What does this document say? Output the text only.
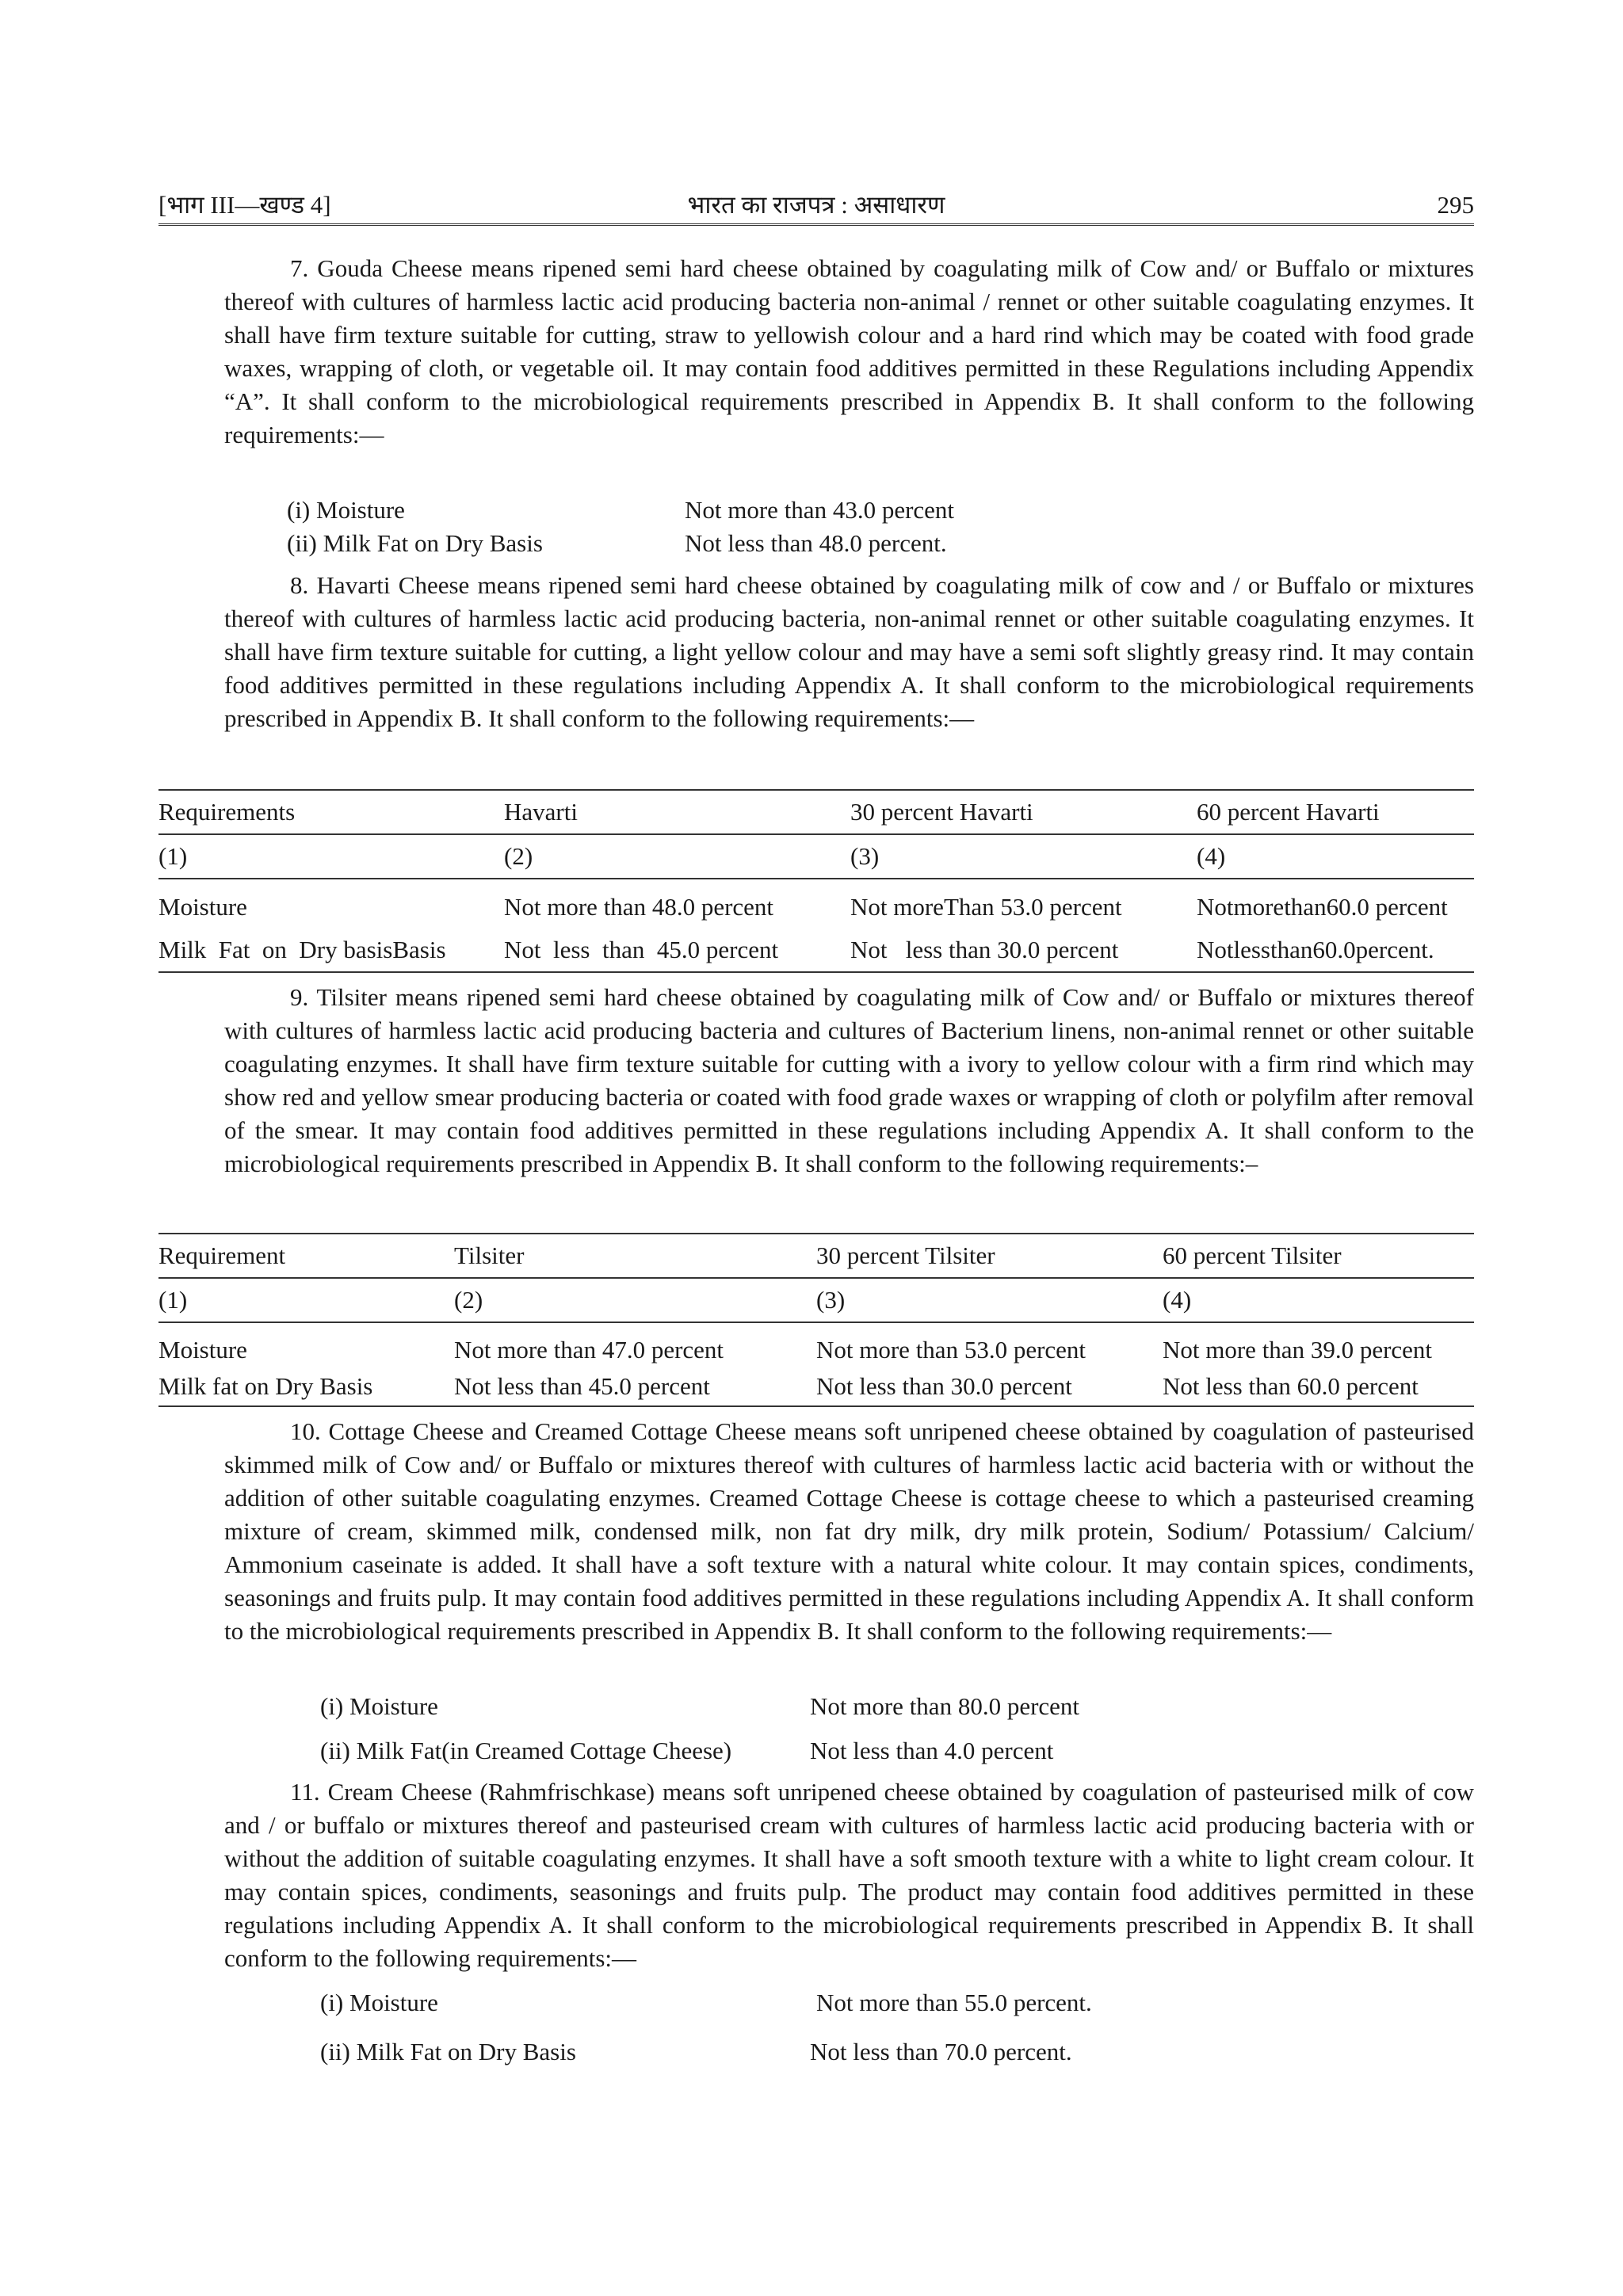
[भाग III—खण्ड 4]	भारत का राजपत्र : असाधारण	295

7. Gouda Cheese means ripened semi hard cheese obtained by coagulating milk of Cow and/ or Buffalo or mixtures thereof with cultures of harmless lactic acid producing bacteria non-animal / rennet or other suitable coagulating enzymes. It shall have firm texture suitable for cutting, straw to yellowish colour and a hard rind which may be coated with food grade waxes, wrapping of cloth, or vegetable oil. It may contain food additives permitted in these Regulations including Appendix “A”. It shall conform to the microbiological requirements prescribed in Appendix B. It shall conform to the following requirements:—

(i) Moisture	Not more than 43.0 percent
(ii) Milk Fat on Dry Basis	Not less than 48.0 percent.

8. Havarti Cheese means ripened semi hard cheese obtained by coagulating milk of cow and / or Buffalo or mixtures thereof with cultures of harmless lactic acid producing bacteria, non-animal rennet or other suitable coagulating enzymes. It shall have firm texture suitable for cutting, a light yellow colour and may have a semi soft slightly greasy rind. It may contain food additives permitted in these regulations including Appendix A. It shall conform to the microbiological requirements prescribed in Appendix B. It shall conform to the following requirements:—

Requirements	Havarti	30 percent Havarti	60 percent Havarti
(1)	(2)	(3)	(4)
Moisture	Not more than 48.0 percent	Not moreThan 53.0 percent	Notmorethan60.0 percent
Milk  Fat  on  Dry basisBasis	Not  less  than  45.0 percent	Not   less than 30.0 percent	Notlessthan60.0percent.

9. Tilsiter means ripened semi hard cheese obtained by coagulating milk of Cow and/ or Buffalo or mixtures thereof with cultures of harmless lactic acid producing bacteria and cultures of Bacterium linens, non-animal rennet or other suitable coagulating enzymes. It shall have firm texture suitable for cutting with a ivory to yellow colour with a firm rind which may show red and yellow smear producing bacteria or coated with food grade waxes or wrapping of cloth or polyfilm after removal of the smear. It may contain food additives permitted in these regulations including Appendix A. It shall conform to the microbiological requirements prescribed in Appendix B. It shall conform to the following requirements:–

Requirement	Tilsiter	30 percent Tilsiter	60 percent Tilsiter
(1)	(2)	(3)	(4)
Moisture	Not more than 47.0 percent	Not more than 53.0 percent	Not more than 39.0 percent
Milk fat on Dry Basis	Not less than 45.0 percent	Not less than 30.0 percent	Not less than 60.0 percent

10. Cottage Cheese and Creamed Cottage Cheese means soft unripened cheese obtained by coagulation of pasteurised skimmed milk of Cow and/ or Buffalo or mixtures thereof with cultures of harmless lactic acid bacteria with or without the addition of other suitable coagulating enzymes. Creamed Cottage Cheese is cottage cheese to which a pasteurised creaming mixture of cream, skimmed milk, condensed milk, non fat dry milk, dry milk protein, Sodium/ Potassium/ Calcium/ Ammonium caseinate is added. It shall have a soft texture with a natural white colour. It may contain spices, condiments, seasonings and fruits pulp. It may contain food additives permitted in these regulations including Appendix A. It shall conform to the microbiological requirements prescribed in Appendix B. It shall conform to the following requirements:—

(i) Moisture	Not more than 80.0 percent
(ii) Milk Fat(in Creamed Cottage Cheese)	Not less than 4.0 percent

11. Cream Cheese (Rahmfrischkase) means soft unripened cheese obtained by coagulation of pasteurised milk of cow and / or buffalo or mixtures thereof and pasteurised cream with cultures of harmless lactic acid producing bacteria with or without the addition of suitable coagulating enzymes. It shall have a soft smooth texture with a white to light cream colour. It may contain spices, condiments, seasonings and fruits pulp. The product may contain food additives permitted in these regulations including Appendix A. It shall conform to the microbiological requirements prescribed in Appendix B. It shall conform to the following requirements:—

(i) Moisture	Not more than 55.0 percent.
(ii) Milk Fat on Dry Basis	Not less than 70.0 percent.
